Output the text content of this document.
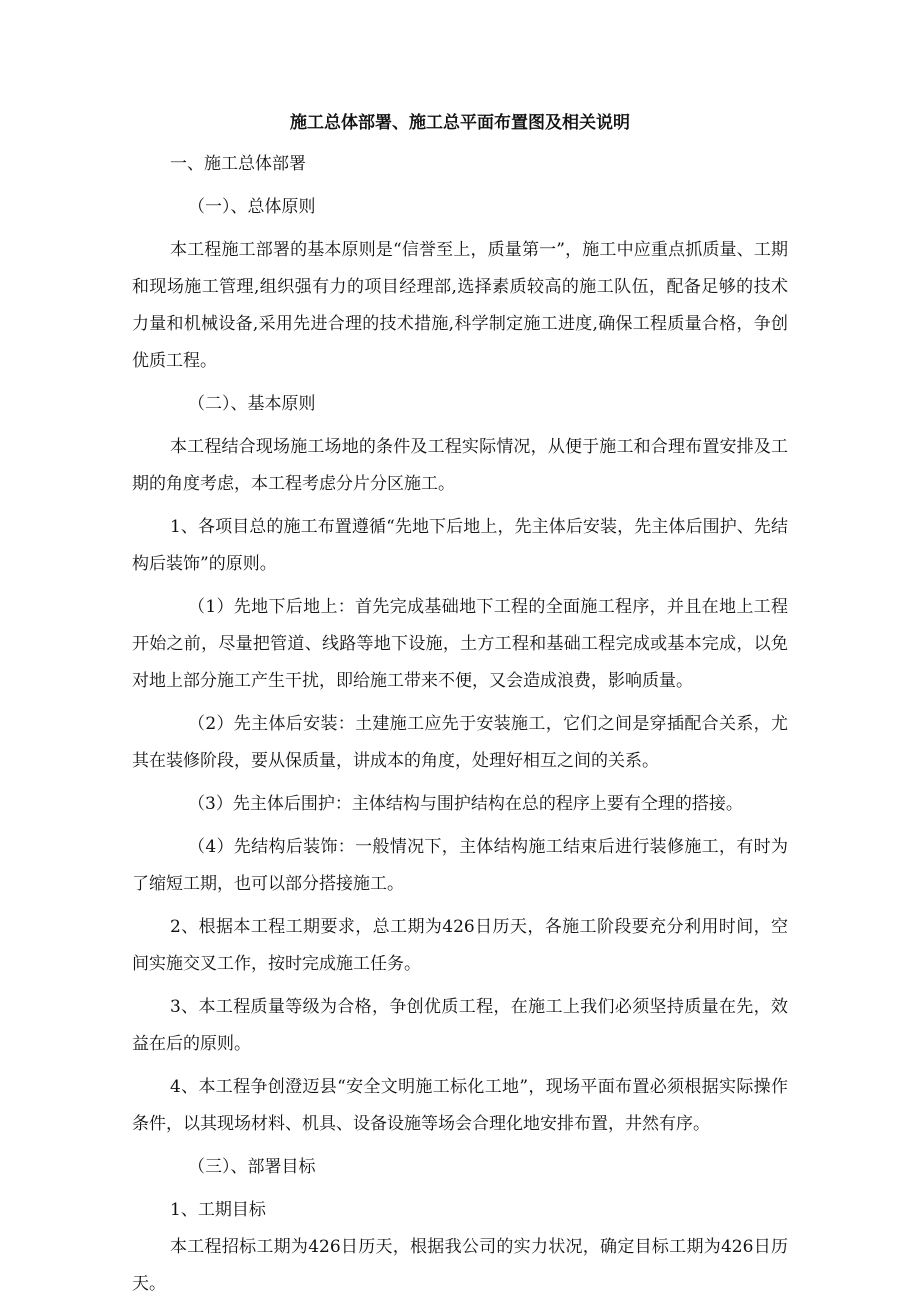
施工总体部署、施工总平面布置图及相关说明

一、施工总体部署

（一）、总体原则

本工程施工部署的基本原则是“信誉至上，质量第一”，施工中应重点抓质量、工期和现场施工管理,组织强有力的项目经理部,选择素质较高的施工队伍，配备足够的技术力量和机械设备,采用先进合理的技术措施,科学制定施工进度,确保工程质量合格，争创优质工程。

（二）、基本原则

本工程结合现场施工场地的条件及工程实际情况，从便于施工和合理布置安排及工期的角度考虑，本工程考虑分片分区施工。

1、各项目总的施工布置遵循“先地下后地上，先主体后安装，先主体后围护、先结构后装饰”的原则。

（1）先地下后地上：首先完成基础地下工程的全面施工程序，并且在地上工程开始之前，尽量把管道、线路等地下设施，土方工程和基础工程完成或基本完成，以免对地上部分施工产生干扰，即给施工带来不便，又会造成浪费，影响质量。

（2）先主体后安装：土建施工应先于安装施工，它们之间是穿插配合关系，尤其在装修阶段，要从保质量，讲成本的角度，处理好相互之间的关系。

（3）先主体后围护：主体结构与围护结构在总的程序上要有仝理的搭接。

（4）先结构后装饰：一般情况下，主体结构施工结束后进行装修施工，有时为了缩短工期，也可以部分搭接施工。

2、根据本工程工期要求，总工期为426日历天，各施工阶段要充分利用时间，空间实施交叉工作，按时完成施工任务。

3、本工程质量等级为合格，争创优质工程，在施工上我们必须坚持质量在先，效益在后的原则。

4、本工程争创澄迈县“安全文明施工标化工地”，现场平面布置必须根据实际操作条件，以其现场材料、机具、设备设施等场会合理化地安排布置，井然有序。

（三）、部署目标

1、工期目标

本工程招标工期为426日历天，根据我公司的实力状况，确定目标工期为426日历天。
